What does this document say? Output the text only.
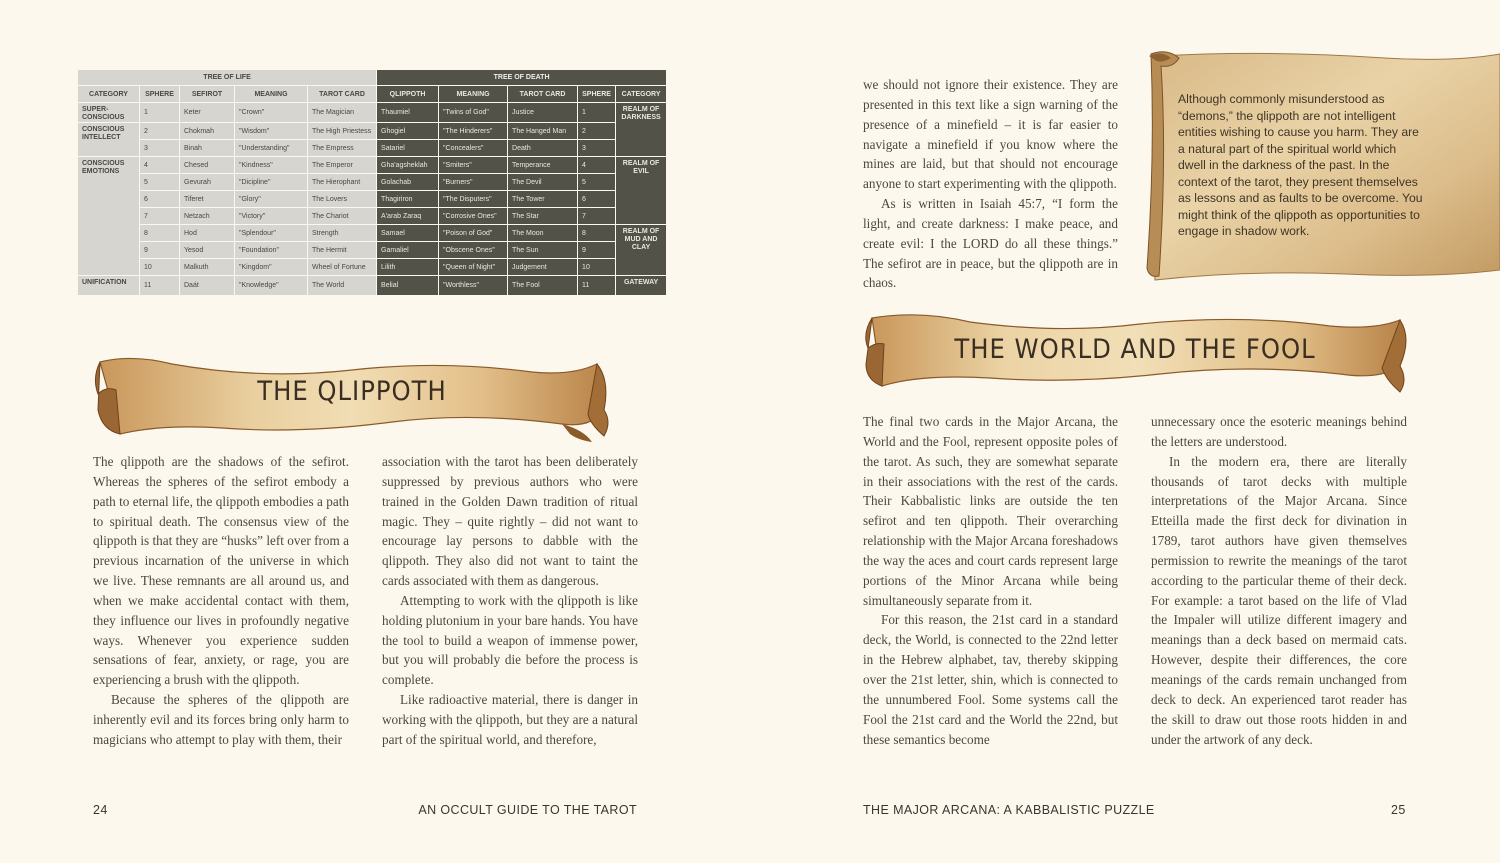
TREE OF LIFE					TREE OF DEATH				
CATEGORY	SPHERE	SEFIROT	MEANING	TAROT CARD	QLIPPOTH	MEANING	TAROT CARD	SPHERE	CATEGORY
SUPER-CONSCIOUS	1	Keter	"Crown"	The Magician	Thaumiel	"Twins of God"	Justice	1	REALM OF DARKNESS
CONSCIOUS INTELLECT	2	Chokmah	"Wisdom"	The High Priestess	Ghogiel	"The Hinderers"	The Hanged Man	2	
	3	Binah	"Understanding"	The Empress	Satariel	"Concealers"	Death	3	
CONSCIOUS EMOTIONS	4	Chesed	"Kindness"	The Emperor	Gha'agsheklah	"Smiters"	Temperance	4	REALM OF EVIL
	5	Gevurah	"Dicipline"	The Hierophant	Golachab	"Burners"	The Devil	5	
	6	Tiferet	"Glory"	The Lovers	Thagiriron	"The Disputers"	The Tower	6	
	7	Netzach	"Victory"	The Chariot	A'arab Zaraq	"Corrosive Ones"	The Star	7	
	8	Hod	"Splendour"	Strength	Samael	"Poison of God"	The Moon	8	REALM OF MUD AND CLAY
	9	Yesod	"Foundation"	The Hermit	Gamaliel	"Obscene Ones"	The Sun	9	
	10	Malkuth	"Kingdom"	Wheel of Fortune	Lilith	"Queen of Night"	Judgement	10	
UNIFICATION	11	Daát	"Knowledge"	The World	Belial	"Worthless"	The Fool	11	GATEWAY
THE QLIPPOTH

The qlippoth are the shadows of the sefirot. Whereas the spheres of the sefirot embody a path to eternal life, the qlippoth embodies a path to spiritual death. The consensus view of the qlippoth is that they are “husks” left over from a previous incarnation of the universe in which we live. These remnants are all around us, and when we make accidental contact with them, they influence our lives in profoundly negative ways. Whenever you experience sudden sensations of fear, anxiety, or rage, you are experiencing a brush with the qlippoth.

Because the spheres of the qlippoth are inherently evil and its forces bring only harm to magicians who attempt to play with them, their

association with the tarot has been deliberately suppressed by previous authors who were trained in the Golden Dawn tradition of ritual magic. They – quite rightly – did not want to encourage lay persons to dabble with the qlippoth. They also did not want to taint the cards associated with them as dangerous.

Attempting to work with the qlippoth is like holding plutonium in your bare hands. You have the tool to build a weapon of immense power, but you will probably die before the process is complete.

Like radioactive material, there is danger in working with the qlippoth, but they are a natural part of the spiritual world, and therefore,

24	AN OCCULT GUIDE TO THE TAROT

we should not ignore their existence. They are presented in this text like a sign warning of the presence of a minefield – it is far easier to navigate a minefield if you know where the mines are laid, but that should not encourage anyone to start experimenting with the qlippoth.

As is written in Isaiah 45:7, “I form the light, and create darkness: I make peace, and create evil: I the LORD do all these things.” The sefirot are in peace, but the qlippoth are in chaos.

Although commonly misunderstood as “demons,” the qlippoth are not intelligent entities wishing to cause you harm. They are a natural part of the spiritual world which dwell in the darkness of the past. In the context of the tarot, they present themselves as lessons and as faults to be overcome. You might think of the qlippoth as opportunities to engage in shadow work.
THE WORLD AND THE FOOL

The final two cards in the Major Arcana, the World and the Fool, represent opposite poles of the tarot. As such, they are somewhat separate in their associations with the rest of the cards. Their Kabbalistic links are outside the ten sefirot and ten qlippoth. Their overarching relationship with the Major Arcana foreshadows the way the aces and court cards represent large portions of the Minor Arcana while being simultaneously separate from it.

For this reason, the 21st card in a standard deck, the World, is connected to the 22nd letter in the Hebrew alphabet, tav, thereby skipping over the 21st letter, shin, which is connected to the unnumbered Fool. Some systems call the Fool the 21st card and the World the 22nd, but these semantics become

unnecessary once the esoteric meanings behind the letters are understood.

In the modern era, there are literally thousands of tarot decks with multiple interpretations of the Major Arcana. Since Etteilla made the first deck for divination in 1789, tarot authors have given themselves permission to rewrite the meanings of the tarot according to the particular theme of their deck. For example: a tarot based on the life of Vlad the Impaler will utilize different imagery and meanings than a deck based on mermaid cats. However, despite their differences, the core meanings of the cards remain unchanged from deck to deck. An experienced tarot reader has the skill to draw out those roots hidden in and under the artwork of any deck.

THE MAJOR ARCANA: A KABBALISTIC PUZZLE	25
